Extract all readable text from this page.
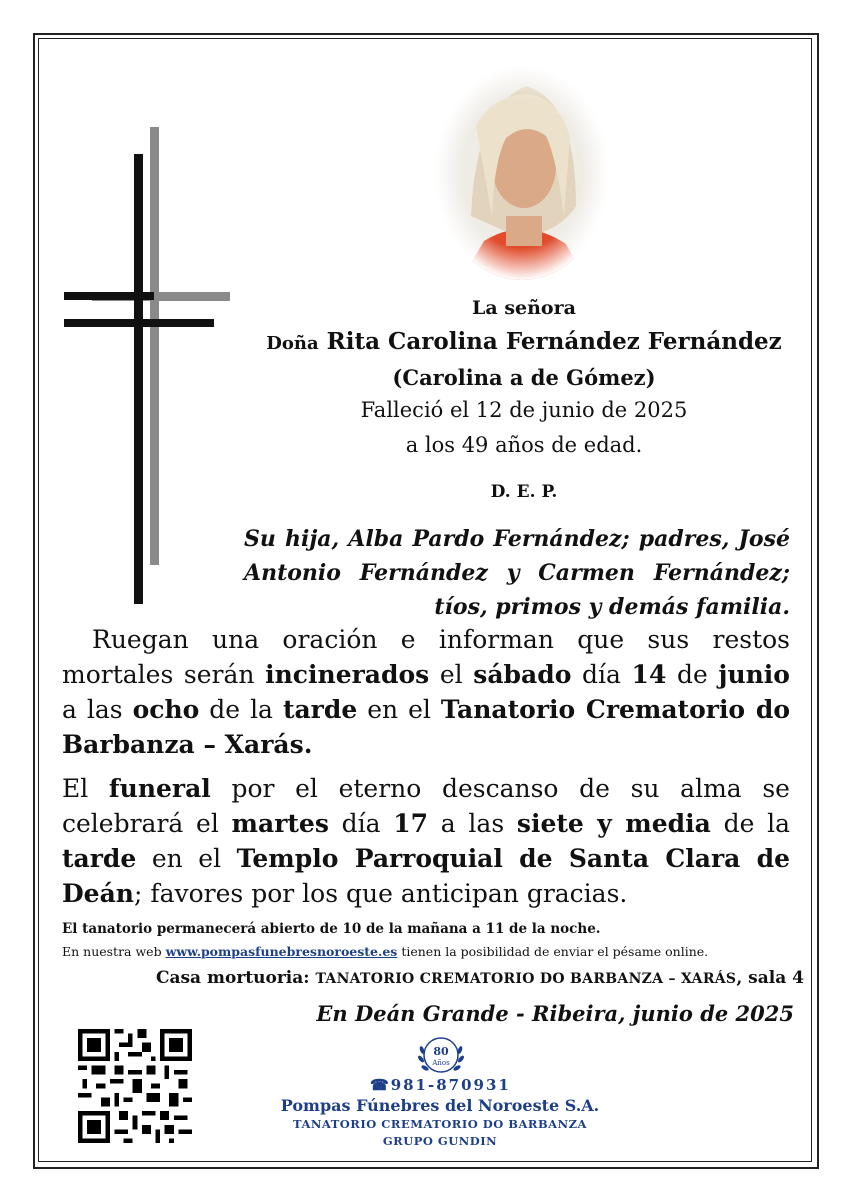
La señora
Doña Rita Carolina Fernández Fernández
(Carolina a de Gómez)
Falleció el 12 de junio de 2025
a los 49 años de edad.
D. E. P.
Su hija, Alba Pardo Fernández; padres, José Antonio Fernández y Carmen Fernández; tíos, primos y demás familia.
Ruegan una oración e informan que sus restos mortales serán incinerados el sábado día 14 de junio a las ocho de la tarde en el Tanatorio Crematorio do Barbanza – Xarás.
El funeral por el eterno descanso de su alma se celebrará el martes día 17 a las siete y media de la tarde en el Templo Parroquial de Santa Clara de Deán; favores por los que anticipan gracias.
El tanatorio permanecerá abierto de 10 de la mañana a 11 de la noche.
En nuestra web www.pompasfunebresnoroeste.es tienen la posibilidad de enviar el pésame online.
Casa mortuoria: TANATORIO CREMATORIO DO BARBANZA – XARÁS, sala 4
En Deán Grande - Ribeira, junio de 2025
80
Años
☎981-870931
Pompas Fúnebres del Noroeste S.A.
TANATORIO CREMATORIO DO BARBANZA
GRUPO GUNDIN
